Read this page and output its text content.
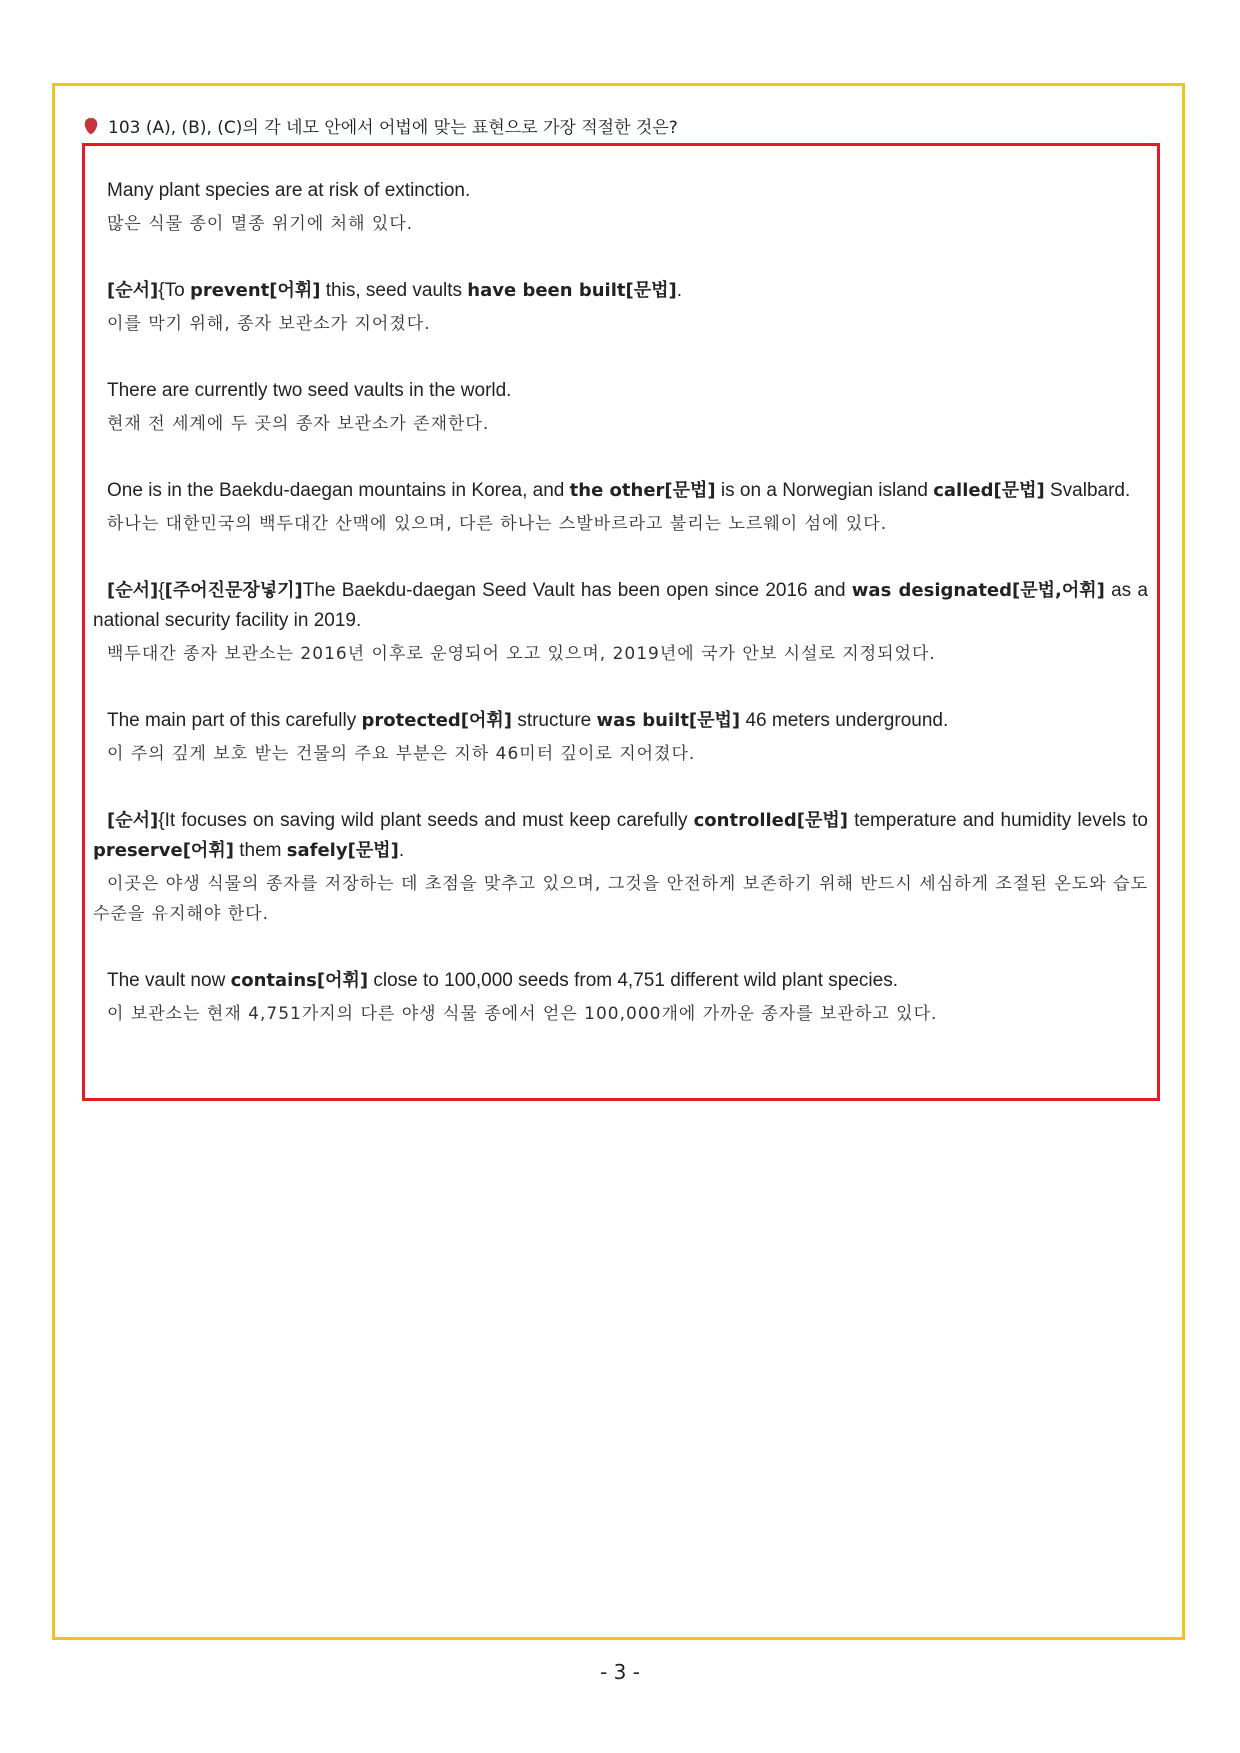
103 (A), (B), (C)의 각 네모 안에서 어법에 맞는 표현으로 가장 적절한 것은?

Many plant species are at risk of extinction.

많은 식물 종이 멸종 위기에 처해 있다.

[순서]{To prevent[어휘] this, seed vaults have been built[문법].

이를 막기 위해, 종자 보관소가 지어졌다.

There are currently two seed vaults in the world.

현재 전 세계에 두 곳의 종자 보관소가 존재한다.

One is in the Baekdu-daegan mountains in Korea, and the other[문법] is on a Norwegian island called[문법] Svalbard.

하나는 대한민국의 백두대간 산맥에 있으며, 다른 하나는 스발바르라고 불리는 노르웨이 섬에 있다.

[순서]{[주어진문장넣기]The Baekdu-daegan Seed Vault has been open since 2016 and was designated[문법,어휘] as a national security facility in 2019.

백두대간 종자 보관소는 2016년 이후로 운영되어 오고 있으며, 2019년에 국가 안보 시설로 지정되었다.

The main part of this carefully protected[어휘] structure was built[문법] 46 meters underground.

이 주의 깊게 보호 받는 건물의 주요 부분은 지하 46미터 깊이로 지어졌다.

[순서]{It focuses on saving wild plant seeds and must keep carefully controlled[문법] temperature and humidity levels to preserve[어휘] them safely[문법].

이곳은 야생 식물의 종자를 저장하는 데 초점을 맞추고 있으며, 그것을 안전하게 보존하기 위해 반드시 세심하게 조절된 온도와 습도 수준을 유지해야 한다.

The vault now contains[어휘] close to 100,000 seeds from 4,751 different wild plant species.

이 보관소는 현재 4,751가지의 다른 야생 식물 종에서 얻은 100,000개에 가까운 종자를 보관하고 있다.

- 3 -
